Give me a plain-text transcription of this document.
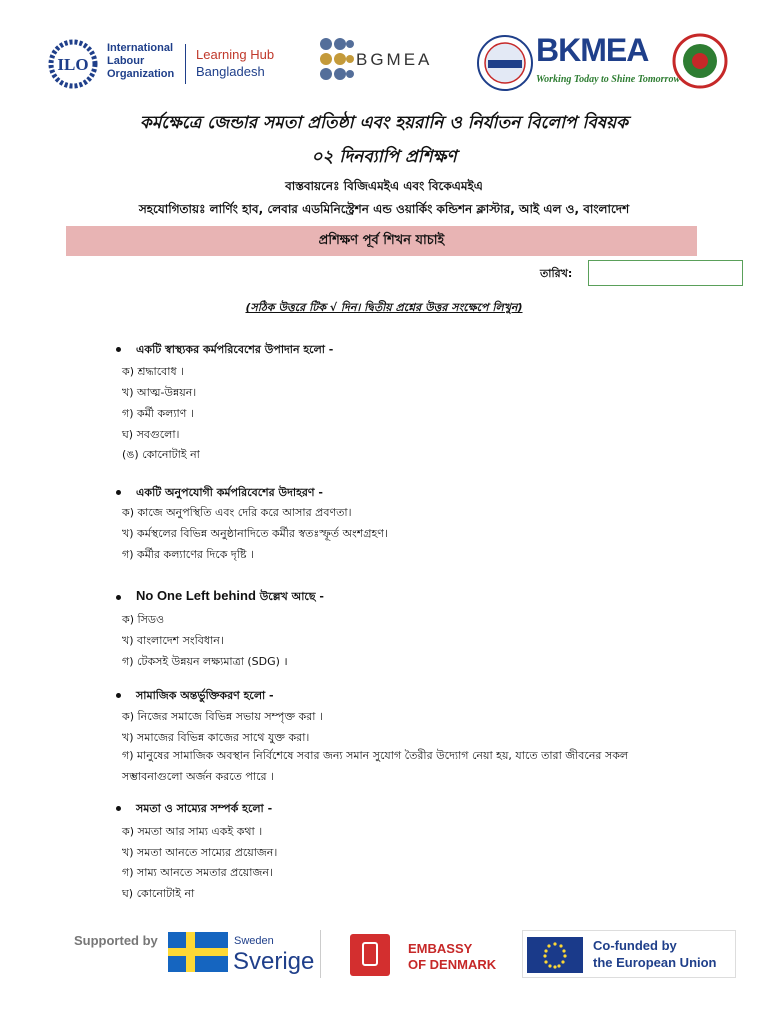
ILO
International
Labour
Organization
Learning Hub
Bangladesh
BGMEA	BKMEA
Working Today to Shine Tomorrow
কর্মক্ষেত্রে জেন্ডার সমতা প্রতিষ্ঠা এবং হয়রানি ও নির্যাতন বিলোপ বিষয়ক
০২ দিনব্যাপি প্রশিক্ষণ
বাস্তবায়নেঃ বিজিএমইএ এবং বিকেএমইএ
সহযোগিতায়ঃ লার্ণিং হাব, লেবার এডমিনিস্ট্রেশন এন্ড ওয়ার্কিং কন্ডিশন ক্লাস্টার, আই এল ও, বাংলাদেশ
প্রশিক্ষণ পূর্ব শিখন যাচাই
তারিখ:
(সঠিক উত্তরে টিক √ দিন। দ্বিতীয় প্রশ্নের উত্তর সংক্ষেপে লিখুন)
একটি স্বাস্থ্যকর কর্মপরিবেশের উপাদান হলো -
ক) শ্রদ্ধাবোধ ।
খ) আত্ম-উন্নয়ন।
গ) কর্মী কল্যাণ ।
ঘ) সবগুলো।
(ঙ) কোনোটাই না
একটি অনুপযোগী কর্মপরিবেশের উদাহরণ -
ক) কাজে অনুপস্থিতি এবং দেরি করে আসার প্রবণতা।
খ) কর্মস্থলের বিভিন্ন অনুষ্ঠানাদিতে কর্মীর স্বতঃস্ফূর্ত অংশগ্রহণ।
গ) কর্মীর কল্যাণের দিকে দৃষ্টি ।
No One Left behind উল্লেখ আছে -
ক) সিডও
খ) বাংলাদেশ সংবিধান।
গ) টেকসই উন্নয়ন লক্ষ্যমাত্রা (SDG) ।
সামাজিক অন্তর্ভুক্তিকরণ হলো -
ক) নিজের সমাজে বিভিন্ন সভায় সম্পৃক্ত করা ।
খ) সমাজের বিভিন্ন কাজের সাথে যুক্ত করা।
গ) মানুষের সামাজিক অবস্থান নির্বিশেষে সবার জন্য সমান সুযোগ তৈরীর উদ্যোগ নেয়া হয়, যাতে তারা জীবনের সকল সম্ভাবনাগুলো অর্জন করতে পারে ।
সমতা ও সাম্যের সম্পর্ক হলো -
ক) সমতা আর সাম্য একই কথা ।
খ) সমতা আনতে সাম্যের প্রয়োজন।
গ) সাম্য আনতে সমতার প্রয়োজন।
ঘ) কোনোটাই না
Supported by	Sweden
Sverige	EMBASSY
OF DENMARK
Co-funded by
the European Union
